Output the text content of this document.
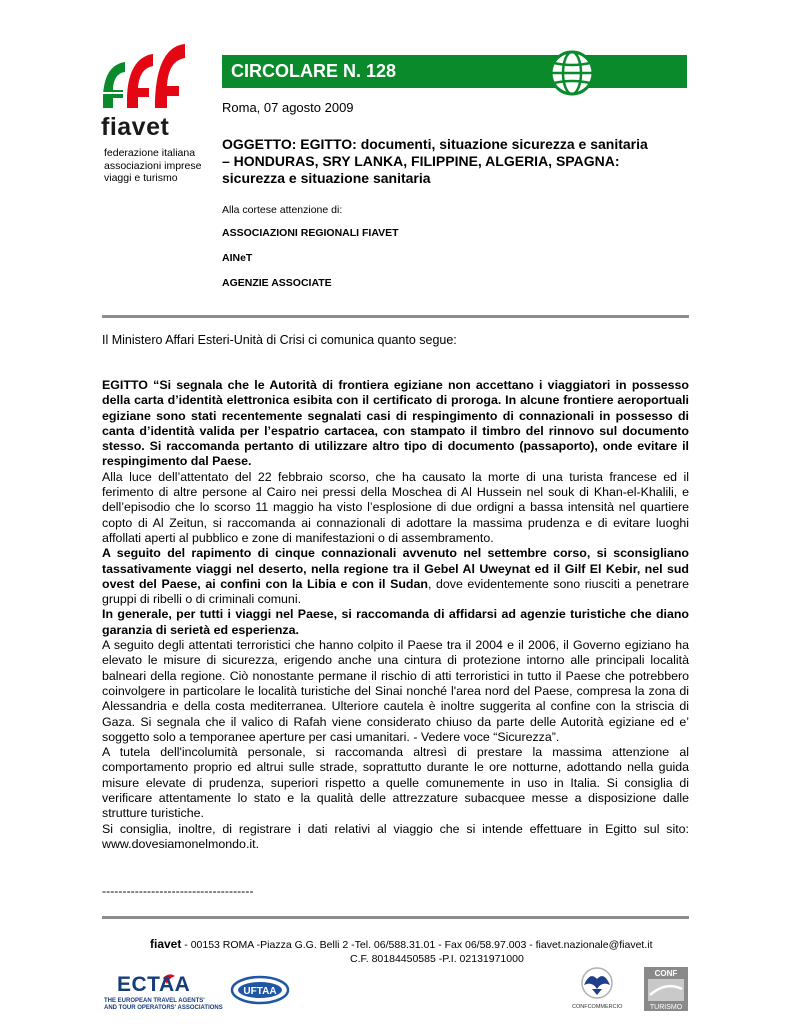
fiavet
federazione italiana
associazioni imprese
viaggi e turismo
CIRCOLARE N. 128
Roma, 07 agosto 2009
OGGETTO: EGITTO: documenti, situazione sicurezza e sanitaria
– HONDURAS, SRY LANKA, FILIPPINE, ALGERIA, SPAGNA:
sicurezza e situazione sanitaria
Alla cortese attenzione di:
ASSOCIAZIONI REGIONALI FIAVET
AINeT
AGENZIE ASSOCIATE
Il Ministero Affari Esteri-Unità di Crisi ci comunica quanto segue:

EGITTO “Si segnala che le Autorità di frontiera egiziane non accettano i viaggiatori in possesso della carta d’identità elettronica esibita con il certificato di proroga. In alcune frontiere aeroportuali egiziane sono stati recentemente segnalati casi di respingimento di connazionali in possesso di canta d’identità valida per l’espatrio cartacea, con stampato il timbro del rinnovo sul documento stesso. Si raccomanda pertanto di utilizzare altro tipo di documento (passaporto), onde evitare il respingimento dal Paese.

Alla luce dell’attentato del 22 febbraio scorso, che ha causato la morte di una turista francese ed il ferimento di altre persone al Cairo nei pressi della Moschea di Al Hussein nel souk di Khan-el-Khalili, e dell’episodio che lo scorso 11 maggio ha visto l’esplosione di due ordigni a bassa intensità nel quartiere copto di Al Zeitun, si raccomanda ai connazionali di adottare la massima prudenza e di evitare luoghi affollati aperti al pubblico e zone di manifestazioni o di assembramento.

A seguito del rapimento di cinque connazionali avvenuto nel settembre corso, si sconsigliano tassativamente viaggi nel deserto, nella regione tra il Gebel Al Uweynat ed il Gilf El Kebir, nel sud ovest del Paese, ai confini con la Libia e con il Sudan, dove evidentemente sono riusciti a penetrare gruppi di ribelli o di criminali comuni.

In generale, per tutti i viaggi nel Paese, si raccomanda di affidarsi ad agenzie turistiche che diano garanzia di serietà ed esperienza.

A seguito degli attentati terroristici che hanno colpito il Paese tra il 2004 e il 2006, il Governo egiziano ha elevato le misure di sicurezza, erigendo anche una cintura di protezione intorno alle principali località balneari della regione. Ciò nonostante permane il rischio di atti terroristici in tutto il Paese che potrebbero coinvolgere in particolare le località turistiche del Sinai nonché l'area nord del Paese, compresa la zona di Alessandria e della costa mediterranea. Ulteriore cautela è inoltre suggerita al confine con la striscia di Gaza. Si segnala che il valico di Rafah viene considerato chiuso da parte delle Autorità egiziane ed e’ soggetto solo a temporanee aperture per casi umanitari. - Vedere voce “Sicurezza”.

A tutela dell'incolumità personale, si raccomanda altresì di prestare la massima attenzione al comportamento proprio ed altrui sulle strade, soprattutto durante le ore notturne, adottando nella guida misure elevate di prudenza, superiori rispetto a quelle comunemente in uso in Italia. Si consiglia di verificare attentamente lo stato e la qualità delle attrezzature subacquee messe a disposizione dalle strutture turistiche.

Si consiglia, inoltre, di registrare i dati relativi al viaggio che si intende effettuare in Egitto sul sito: www.dovesiamonelmondo.it.

-------------------------------------
fiavet - 00153 ROMA -Piazza G.G. Belli 2 -Tel. 06/588.31.01 - Fax 06/58.97.003 - fiavet.nazionale@fiavet.it
C.F. 80184450585 -P.I. 02131971000
ECTAA
THE EUROPEAN TRAVEL AGENTS'
AND TOUR OPERATORS' ASSOCIATIONS
UFTAA
CONFCOMMERCIO
CONF
TURISMO
